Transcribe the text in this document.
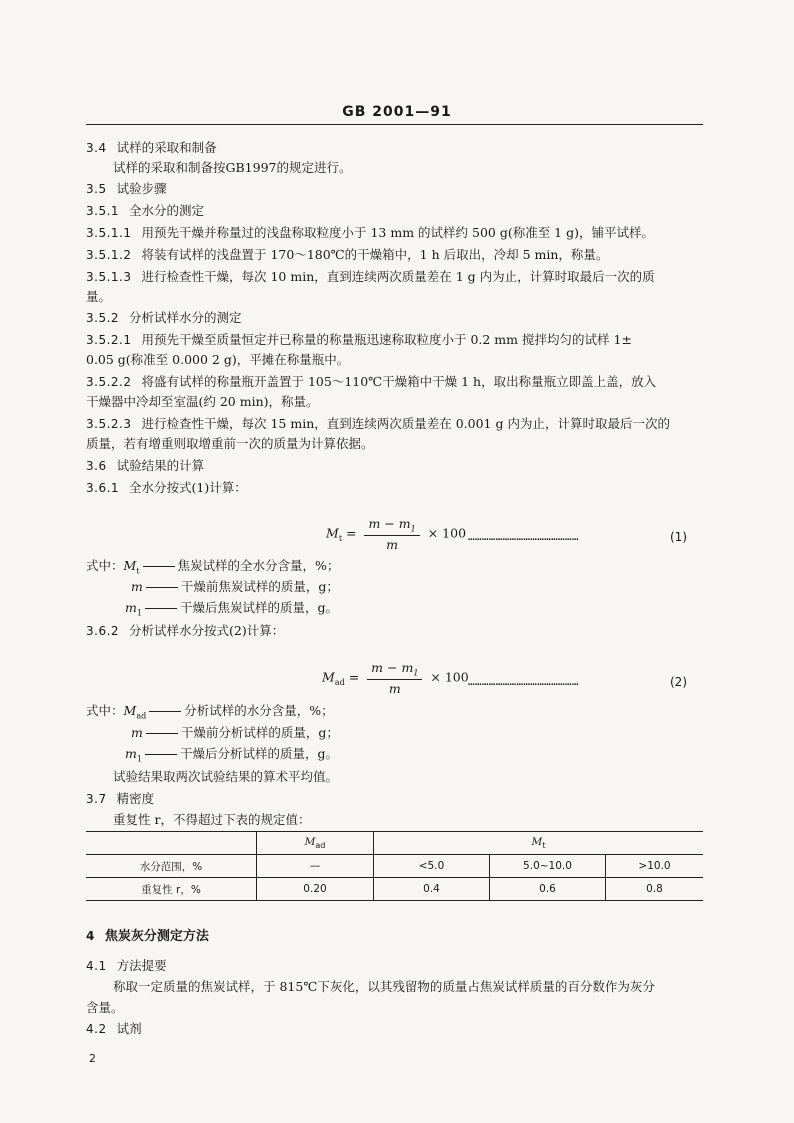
GB 2001—91
3.4 试样的采取和制备
试样的采取和制备按GB1997的规定进行。
3.5 试验步骤
3.5.1 全水分的测定
3.5.1.1 用预先干燥并称量过的浅盘称取粒度小于 13 mm 的试样约 500 g(称准至 1 g)，铺平试样。
3.5.1.2 将装有试样的浅盘置于 170～180℃的干燥箱中，1 h 后取出，冷却 5 min，称量。
3.5.1.3 进行检查性干燥，每次 10 min，直到连续两次质量差在 1 g 内为止，计算时取最后一次的质
量。
3.5.2 分析试样水分的测定
3.5.2.1 用预先干燥至质量恒定并已称量的称量瓶迅速称取粒度小于 0.2 mm 搅拌均匀的试样 1±
0.05 g(称准至 0.000 2 g)，平摊在称量瓶中。
3.5.2.2 将盛有试样的称量瓶开盖置于 105～110℃干燥箱中干燥 1 h，取出称量瓶立即盖上盖，放入
干燥器中冷却至室温(约 20 min)，称量。
3.5.2.3 进行检查性干燥，每次 15 min，直到连续两次质量差在 0.001 g 内为止，计算时取最后一次的
质量，若有增重则取增重前一次的质量为计算依据。
3.6 试验结果的计算
3.6.1 全水分按式(1)计算：
$M_t = \frac{m - m_1}{m} \times 100$ …………………………………………	(1)
式中：$M_t$	焦炭试样的全水分含量，%；
m	干燥前焦炭试样的质量，g；
$m_1$	干燥后焦炭试样的质量，g。
3.6.2 分析试样水分按式(2)计算：
$M_{ad} = \frac{m - m_1}{m} \times 100$ …………………………………………	(2)
式中：$M_{ad}$	分析试样的水分含量，%；
m	干燥前分析试样的质量，g；
$m_1$	干燥后分析试样的质量，g。
试验结果取两次试验结果的算术平均值。
3.7 精密度
重复性 r，不得超过下表的规定值：
	$M_{ad}$	$M_t$
水分范围，%	—	<5.0	5.0~10.0	>10.0
重复性 r，%	0.20	0.4	0.6	0.8
4 焦炭灰分测定方法
4.1 方法提要
称取一定质量的焦炭试样，于 815℃下灰化，以其残留物的质量占焦炭试样质量的百分数作为灰分
含量。
4.2 试剂
2
